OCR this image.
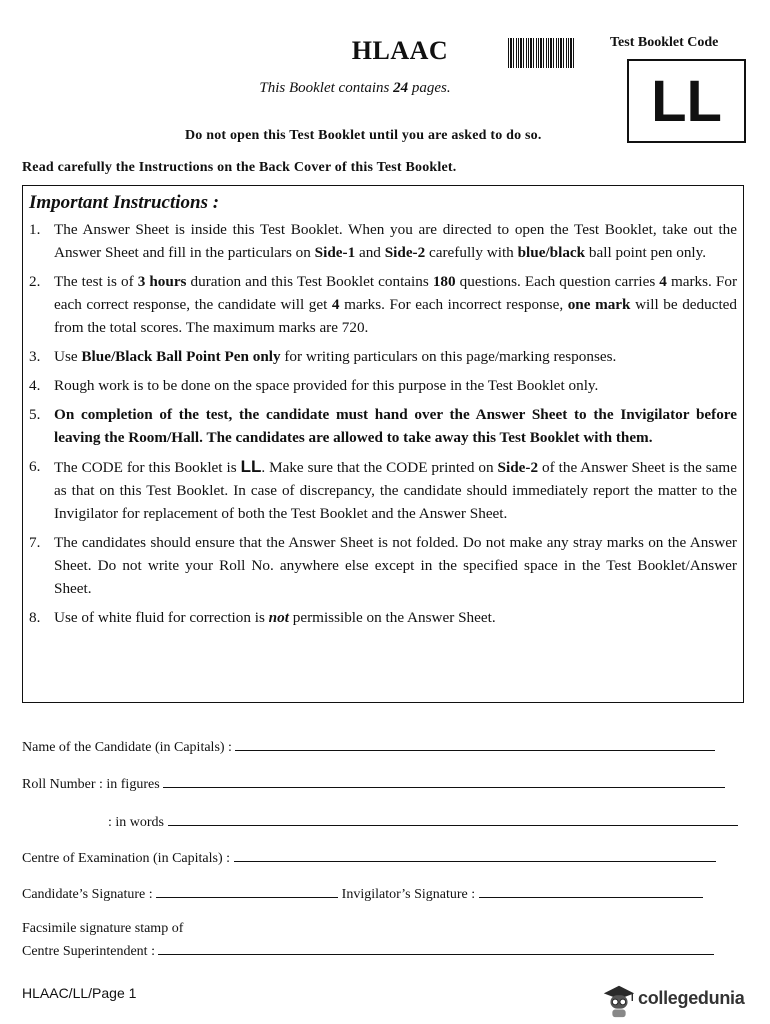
HLAAC	Test Booklet Code
LL
This Booklet contains 24 pages.
Do not open this Test Booklet until you are asked to do so.
Read carefully the Instructions on the Back Cover of this Test Booklet.
Important Instructions :
1. The Answer Sheet is inside this Test Booklet. When you are directed to open the Test Booklet, take out the Answer Sheet and fill in the particulars on Side-1 and Side-2 carefully with blue/black ball point pen only.
2. The test is of 3 hours duration and this Test Booklet contains 180 questions. Each question carries 4 marks. For each correct response, the candidate will get 4 marks. For each incorrect response, one mark will be deducted from the total scores. The maximum marks are 720.
3. Use Blue/Black Ball Point Pen only for writing particulars on this page/marking responses.
4. Rough work is to be done on the space provided for this purpose in the Test Booklet only.
5. On completion of the test, the candidate must hand over the Answer Sheet to the Invigilator before leaving the Room/Hall. The candidates are allowed to take away this Test Booklet with them.
6. The CODE for this Booklet is LL. Make sure that the CODE printed on Side-2 of the Answer Sheet is the same as that on this Test Booklet. In case of discrepancy, the candidate should immediately report the matter to the Invigilator for replacement of both the Test Booklet and the Answer Sheet.
7. The candidates should ensure that the Answer Sheet is not folded. Do not make any stray marks on the Answer Sheet. Do not write your Roll No. anywhere else except in the specified space in the Test Booklet/Answer Sheet.
8. Use of white fluid for correction is not permissible on the Answer Sheet.
Name of the Candidate (in Capitals) :
Roll Number : in figures
: in words
Centre of Examination (in Capitals) :
Candidate’s Signature :	Invigilator’s Signature :
Facsimile signature stamp of
Centre Superintendent :
HLAAC/LL/Page 1	collegedunia
